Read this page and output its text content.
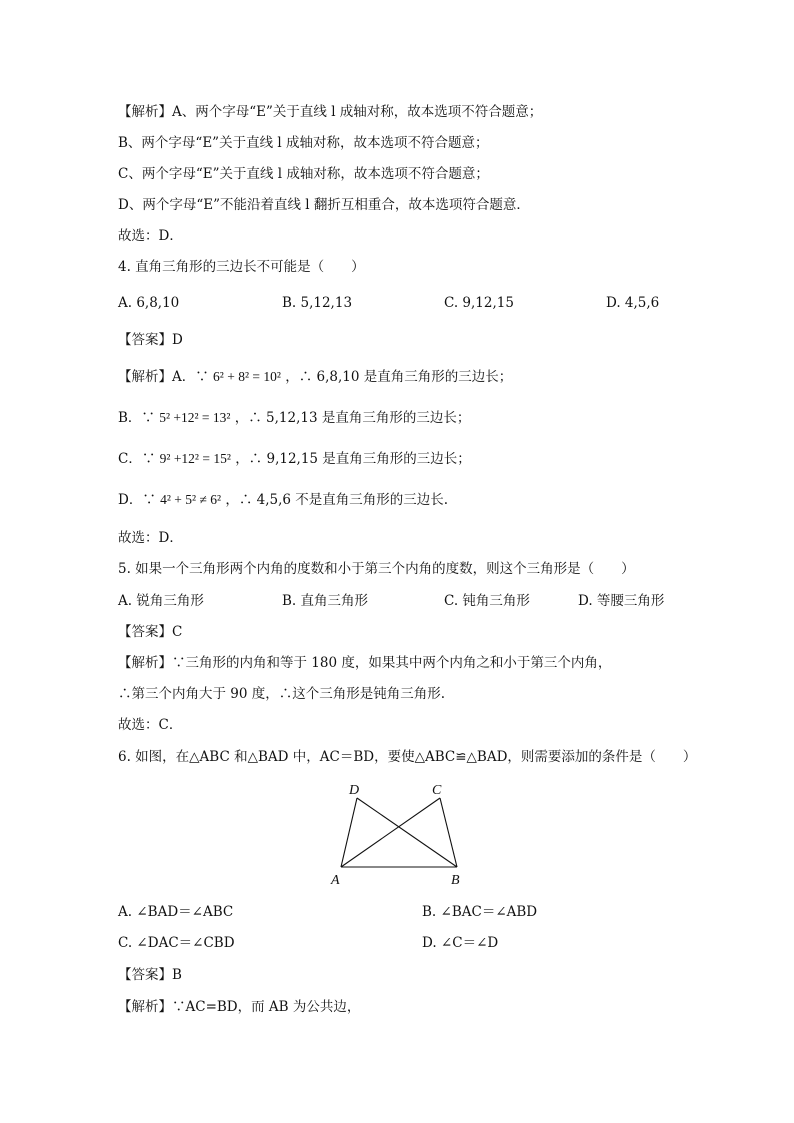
【解析】A、两个字母“E”关于直线 l 成轴对称，故本选项不符合题意；
B、两个字母“E”关于直线 l 成轴对称，故本选项不符合题意；
C、两个字母“E”关于直线 l 成轴对称，故本选项不符合题意；
D、两个字母“E”不能沿着直线 l 翻折互相重合，故本选项符合题意．
故选：D．
4. 直角三角形的三边长不可能是（　　）
A. 6,8,10	B. 5,12,13	C. 9,12,15	D. 4,5,6
【答案】D
【解析】A．∵ 6² + 8² = 10² ，∴ 6,8,10 是直角三角形的三边长；
B．∵ 5² +12² = 13² ，∴ 5,12,13 是直角三角形的三边长；
C．∵ 9² +12² = 15² ，∴ 9,12,15 是直角三角形的三边长；
D．∵ 4² + 5² ≠ 6² ，∴ 4,5,6 不是直角三角形的三边长.
故选：D．
5. 如果一个三角形两个内角的度数和小于第三个内角的度数，则这个三角形是（　　）
A. 锐角三角形	B. 直角三角形	C. 钝角三角形	D. 等腰三角形
【答案】C
【解析】∵三角形的内角和等于 180 度，如果其中两个内角之和小于第三个内角，
∴第三个内角大于 90 度，∴这个三角形是钝角三角形.
故选：C．
6. 如图，在△ABC 和△BAD 中，AC＝BD，要使△ABC≌△BAD，则需要添加的条件是（　　）
D	C
A	B
A. ∠BAD＝∠ABC	B. ∠BAC＝∠ABD
C. ∠DAC＝∠CBD	D. ∠C＝∠D
【答案】B
【解析】∵AC=BD，而 AB 为公共边，
